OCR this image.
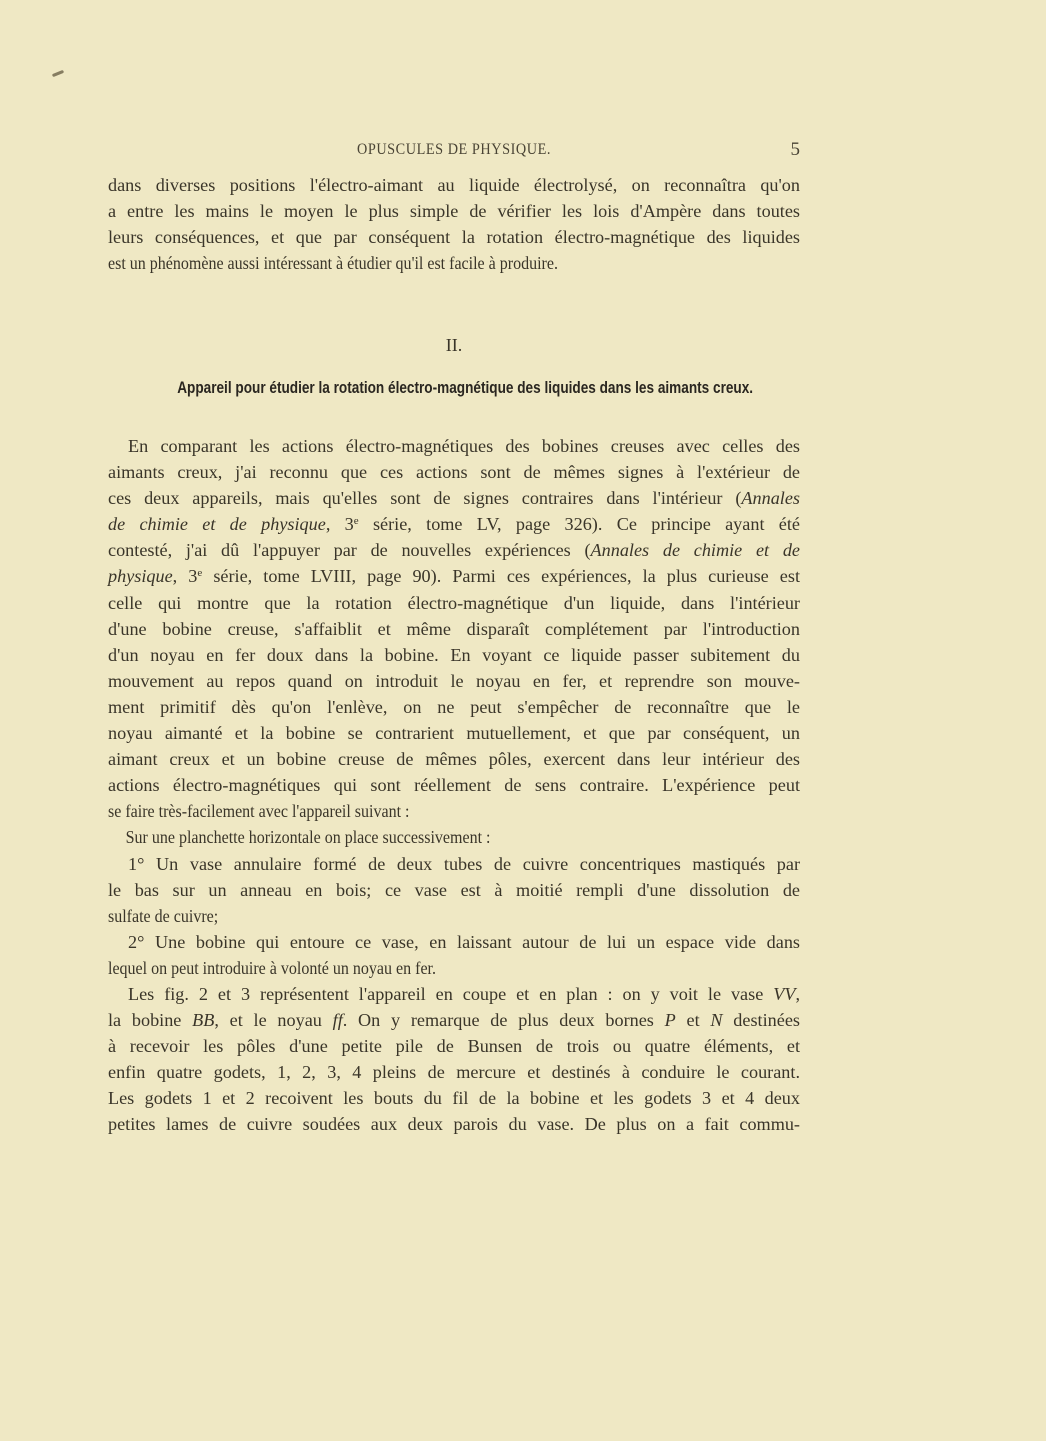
OPUSCULES DE PHYSIQUE.	5
dans diverses positions l'électro-aimant au liquide électrolysé, on reconnaîtra qu'on
a entre les mains le moyen le plus simple de vérifier les lois d'Ampère dans toutes
leurs conséquences, et que par conséquent la rotation électro-magnétique des liquides
est un phénomène aussi intéressant à étudier qu'il est facile à produire.
II.
Appareil pour étudier la rotation électro-magnétique des liquides dans les aimants creux.
En comparant les actions électro-magnétiques des bobines creuses avec celles des
aimants creux, j'ai reconnu que ces actions sont de mêmes signes à l'extérieur de
ces deux appareils, mais qu'elles sont de signes contraires dans l'intérieur (Annales
de chimie et de physique, 3e série, tome LV, page 326). Ce principe ayant été
contesté, j'ai dû l'appuyer par de nouvelles expériences (Annales de chimie et de
physique, 3e série, tome LVIII, page 90). Parmi ces expériences, la plus curieuse est
celle qui montre que la rotation électro-magnétique d'un liquide, dans l'intérieur
d'une bobine creuse, s'affaiblit et même disparaît complétement par l'introduction
d'un noyau en fer doux dans la bobine. En voyant ce liquide passer subitement du
mouvement au repos quand on introduit le noyau en fer, et reprendre son mouve-
ment primitif dès qu'on l'enlève, on ne peut s'empêcher de reconnaître que le
noyau aimanté et la bobine se contrarient mutuellement, et que par conséquent, un
aimant creux et un bobine creuse de mêmes pôles, exercent dans leur intérieur des
actions électro-magnétiques qui sont réellement de sens contraire. L'expérience peut
se faire très-facilement avec l'appareil suivant :
Sur une planchette horizontale on place successivement :
1° Un vase annulaire formé de deux tubes de cuivre concentriques mastiqués par
le bas sur un anneau en bois; ce vase est à moitié rempli d'une dissolution de
sulfate de cuivre;
2° Une bobine qui entoure ce vase, en laissant autour de lui un espace vide dans
lequel on peut introduire à volonté un noyau en fer.
Les fig. 2 et 3 représentent l'appareil en coupe et en plan : on y voit le vase VV,
la bobine BB, et le noyau ff. On y remarque de plus deux bornes P et N destinées
à recevoir les pôles d'une petite pile de Bunsen de trois ou quatre éléments, et
enfin quatre godets, 1, 2, 3, 4 pleins de mercure et destinés à conduire le courant.
Les godets 1 et 2 recoivent les bouts du fil de la bobine et les godets 3 et 4 deux
petites lames de cuivre soudées aux deux parois du vase. De plus on a fait commu-
